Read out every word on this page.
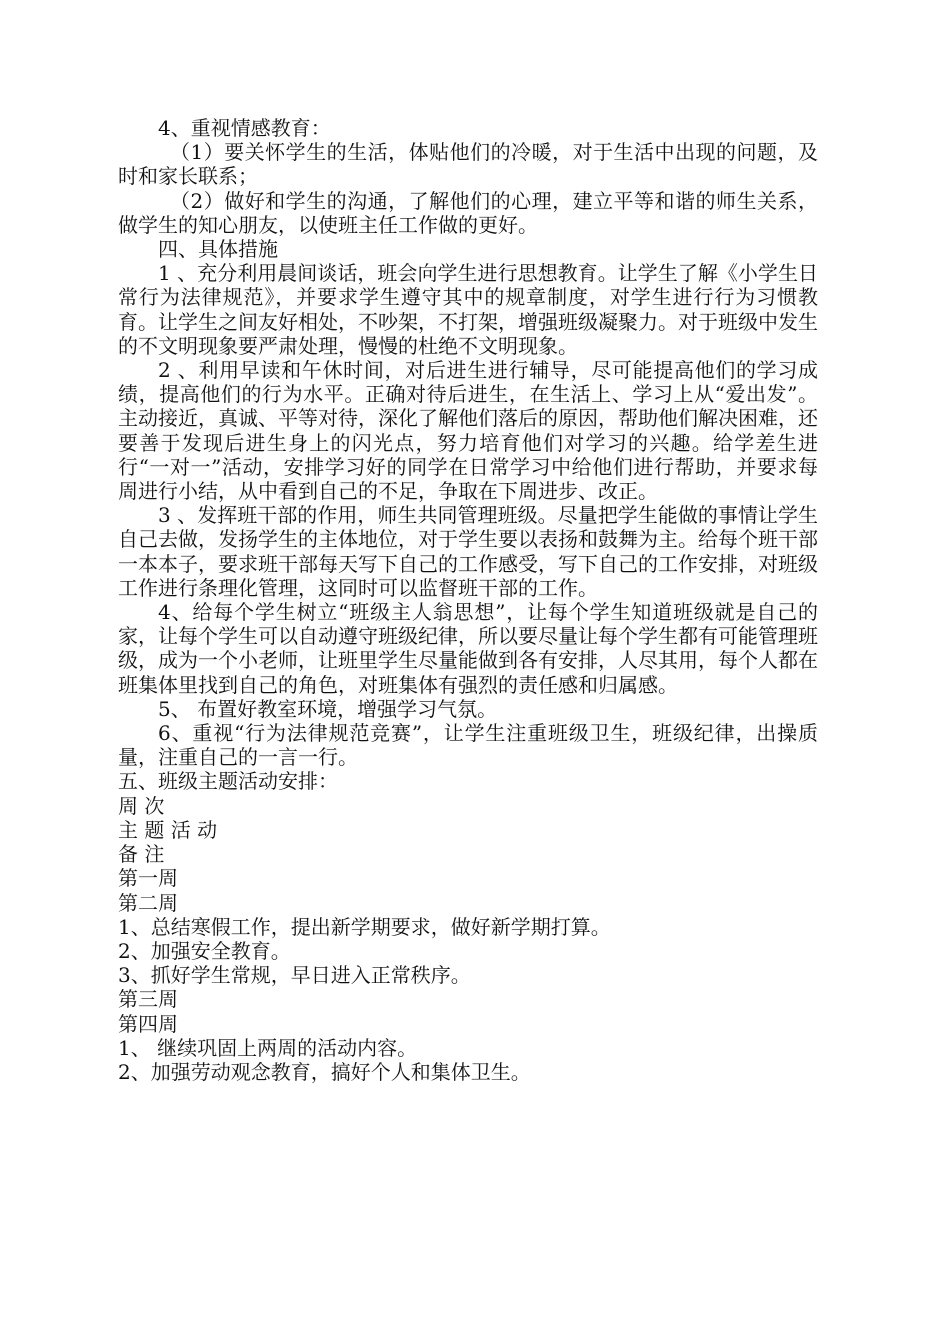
4、重视情感教育：

（1）要关怀学生的生活，体贴他们的冷暖，对于生活中出现的问题，及时和家长联系；

（2）做好和学生的沟通，了解他们的心理，建立平等和谐的师生关系，做学生的知心朋友，以使班主任工作做的更好。

四、具体措施

1 、充分利用晨间谈话，班会向学生进行思想教育。让学生了解《小学生日常行为法律规范》，并要求学生遵守其中的规章制度，对学生进行行为习惯教育。让学生之间友好相处，不吵架，不打架，增强班级凝聚力。对于班级中发生的不文明现象要严肃处理，慢慢的杜绝不文明现象。

2 、利用早读和午休时间，对后进生进行辅导，尽可能提高他们的学习成绩，提高他们的行为水平。正确对待后进生，在生活上、学习上从“爱出发”。主动接近，真诚、平等对待，深化了解他们落后的原因，帮助他们解决困难，还要善于发现后进生身上的闪光点，努力培育他们对学习的兴趣。给学差生进行“一对一”活动，安排学习好的同学在日常学习中给他们进行帮助，并要求每周进行小结，从中看到自己的不足，争取在下周进步、改正。

3 、发挥班干部的作用，师生共同管理班级。尽量把学生能做的事情让学生自己去做，发扬学生的主体地位，对于学生要以表扬和鼓舞为主。给每个班干部一本本子，要求班干部每天写下自己的工作感受，写下自己的工作安排，对班级工作进行条理化管理，这同时可以监督班干部的工作。

4、给每个学生树立“班级主人翁思想”，让每个学生知道班级就是自己的家，让每个学生可以自动遵守班级纪律，所以要尽量让每个学生都有可能管理班级，成为一个小老师，让班里学生尽量能做到各有安排，人尽其用，每个人都在班集体里找到自己的角色，对班集体有强烈的责任感和归属感。

5、 布置好教室环境，增强学习气氛。

6、重视“行为法律规范竞赛”，让学生注重班级卫生，班级纪律，出操质量，注重自己的一言一行。

五、班级主题活动安排：

周 次

主 题 活 动

备 注

第一周

第二周

1、总结寒假工作，提出新学期要求，做好新学期打算。

2、加强安全教育。

3、抓好学生常规，早日进入正常秩序。

第三周

第四周

1、 继续巩固上两周的活动内容。

2、加强劳动观念教育，搞好个人和集体卫生。
